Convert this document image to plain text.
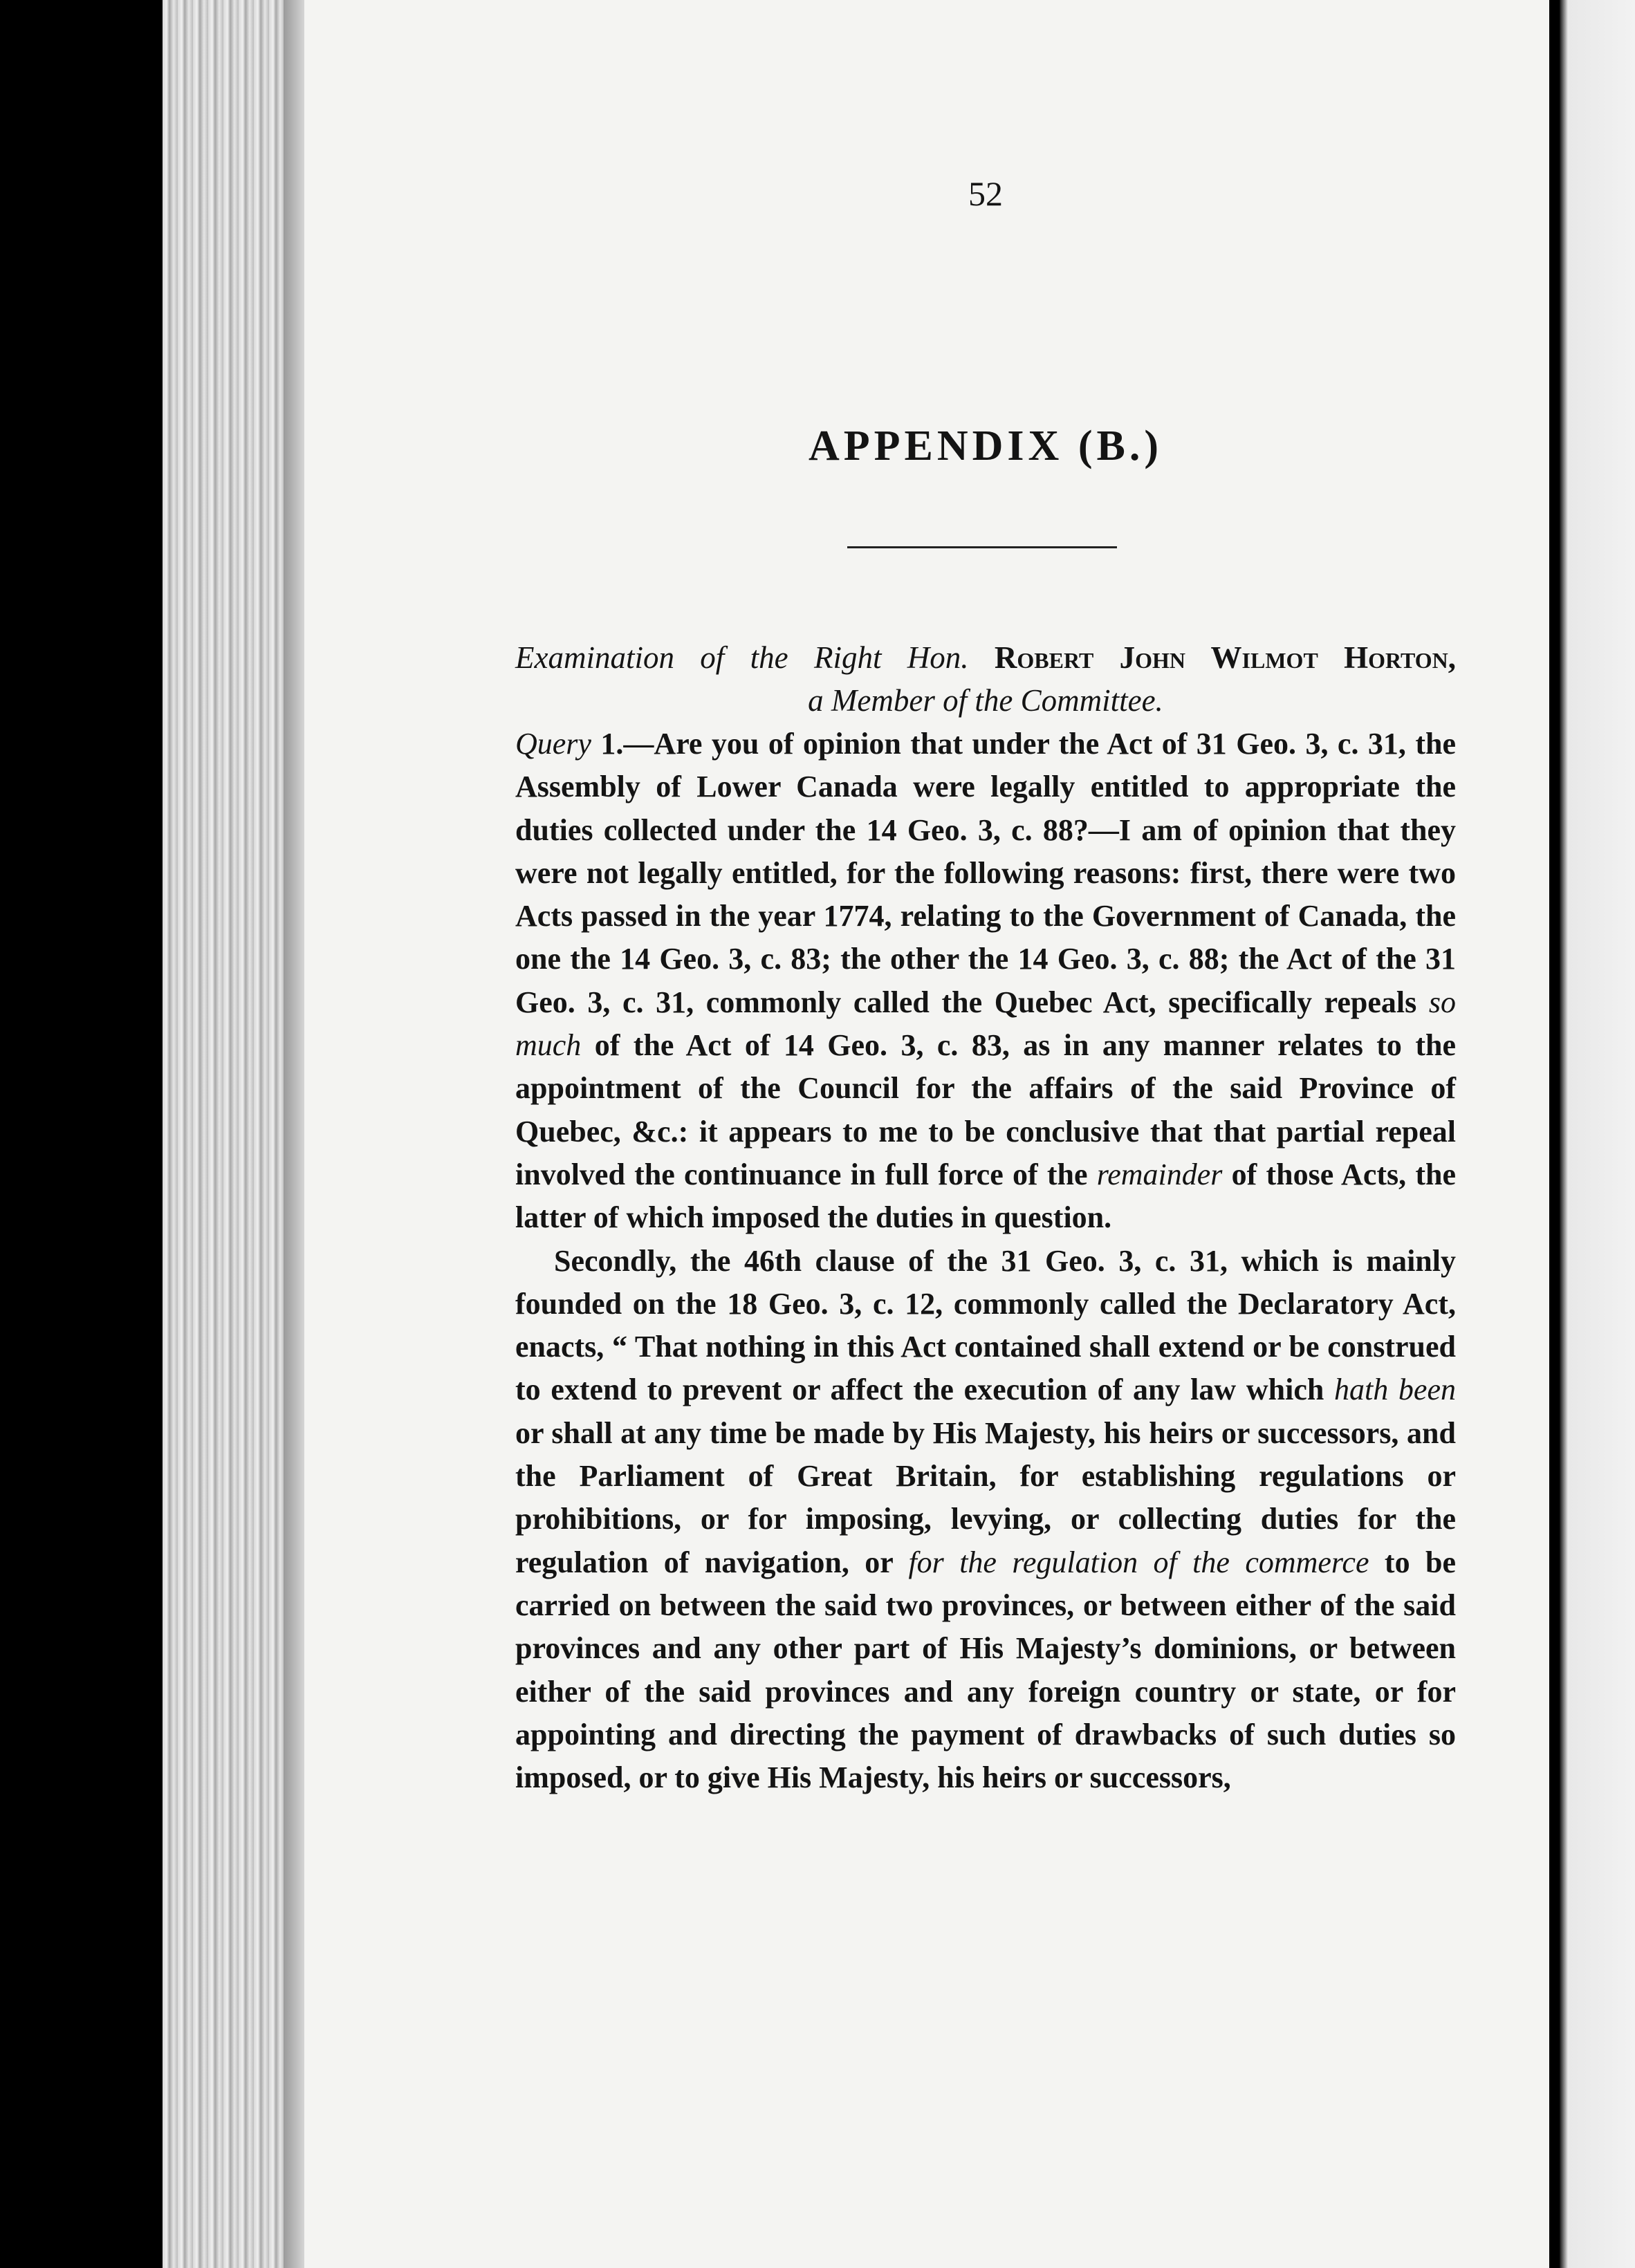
52
APPENDIX (B.)
Examination of the Right Hon. Robert John Wilmot Horton,
a Member of the Committee.

Query 1.—Are you of opinion that under the Act of 31 Geo. 3, c. 31, the Assembly of Lower Canada were legally entitled to appropriate the duties collected under the 14 Geo. 3, c. 88?—I am of opinion that they were not legally entitled, for the following reasons: first, there were two Acts passed in the year 1774, relating to the Government of Canada, the one the 14 Geo. 3, c. 83; the other the 14 Geo. 3, c. 88; the Act of the 31 Geo. 3, c. 31, commonly called the Quebec Act, specifically repeals so much of the Act of 14 Geo. 3, c. 83, as in any manner relates to the appointment of the Council for the affairs of the said Province of Quebec, &c.: it appears to me to be conclusive that that partial repeal involved the continuance in full force of the remainder of those Acts, the latter of which imposed the duties in question.

Secondly, the 46th clause of the 31 Geo. 3, c. 31, which is mainly founded on the 18 Geo. 3, c. 12, commonly called the Declaratory Act, enacts, “ That nothing in this Act contained shall extend or be construed to extend to prevent or affect the execution of any law which hath been or shall at any time be made by His Majesty, his heirs or successors, and the Parliament of Great Britain, for establishing regulations or prohibitions, or for imposing, levying, or collecting duties for the regulation of navigation, or for the regulation of the commerce to be carried on between the said two provinces, or between either of the said provinces and any other part of His Majesty’s dominions, or between either of the said provinces and any foreign country or state, or for appointing and directing the payment of drawbacks of such duties so imposed, or to give His Majesty, his heirs or successors,
